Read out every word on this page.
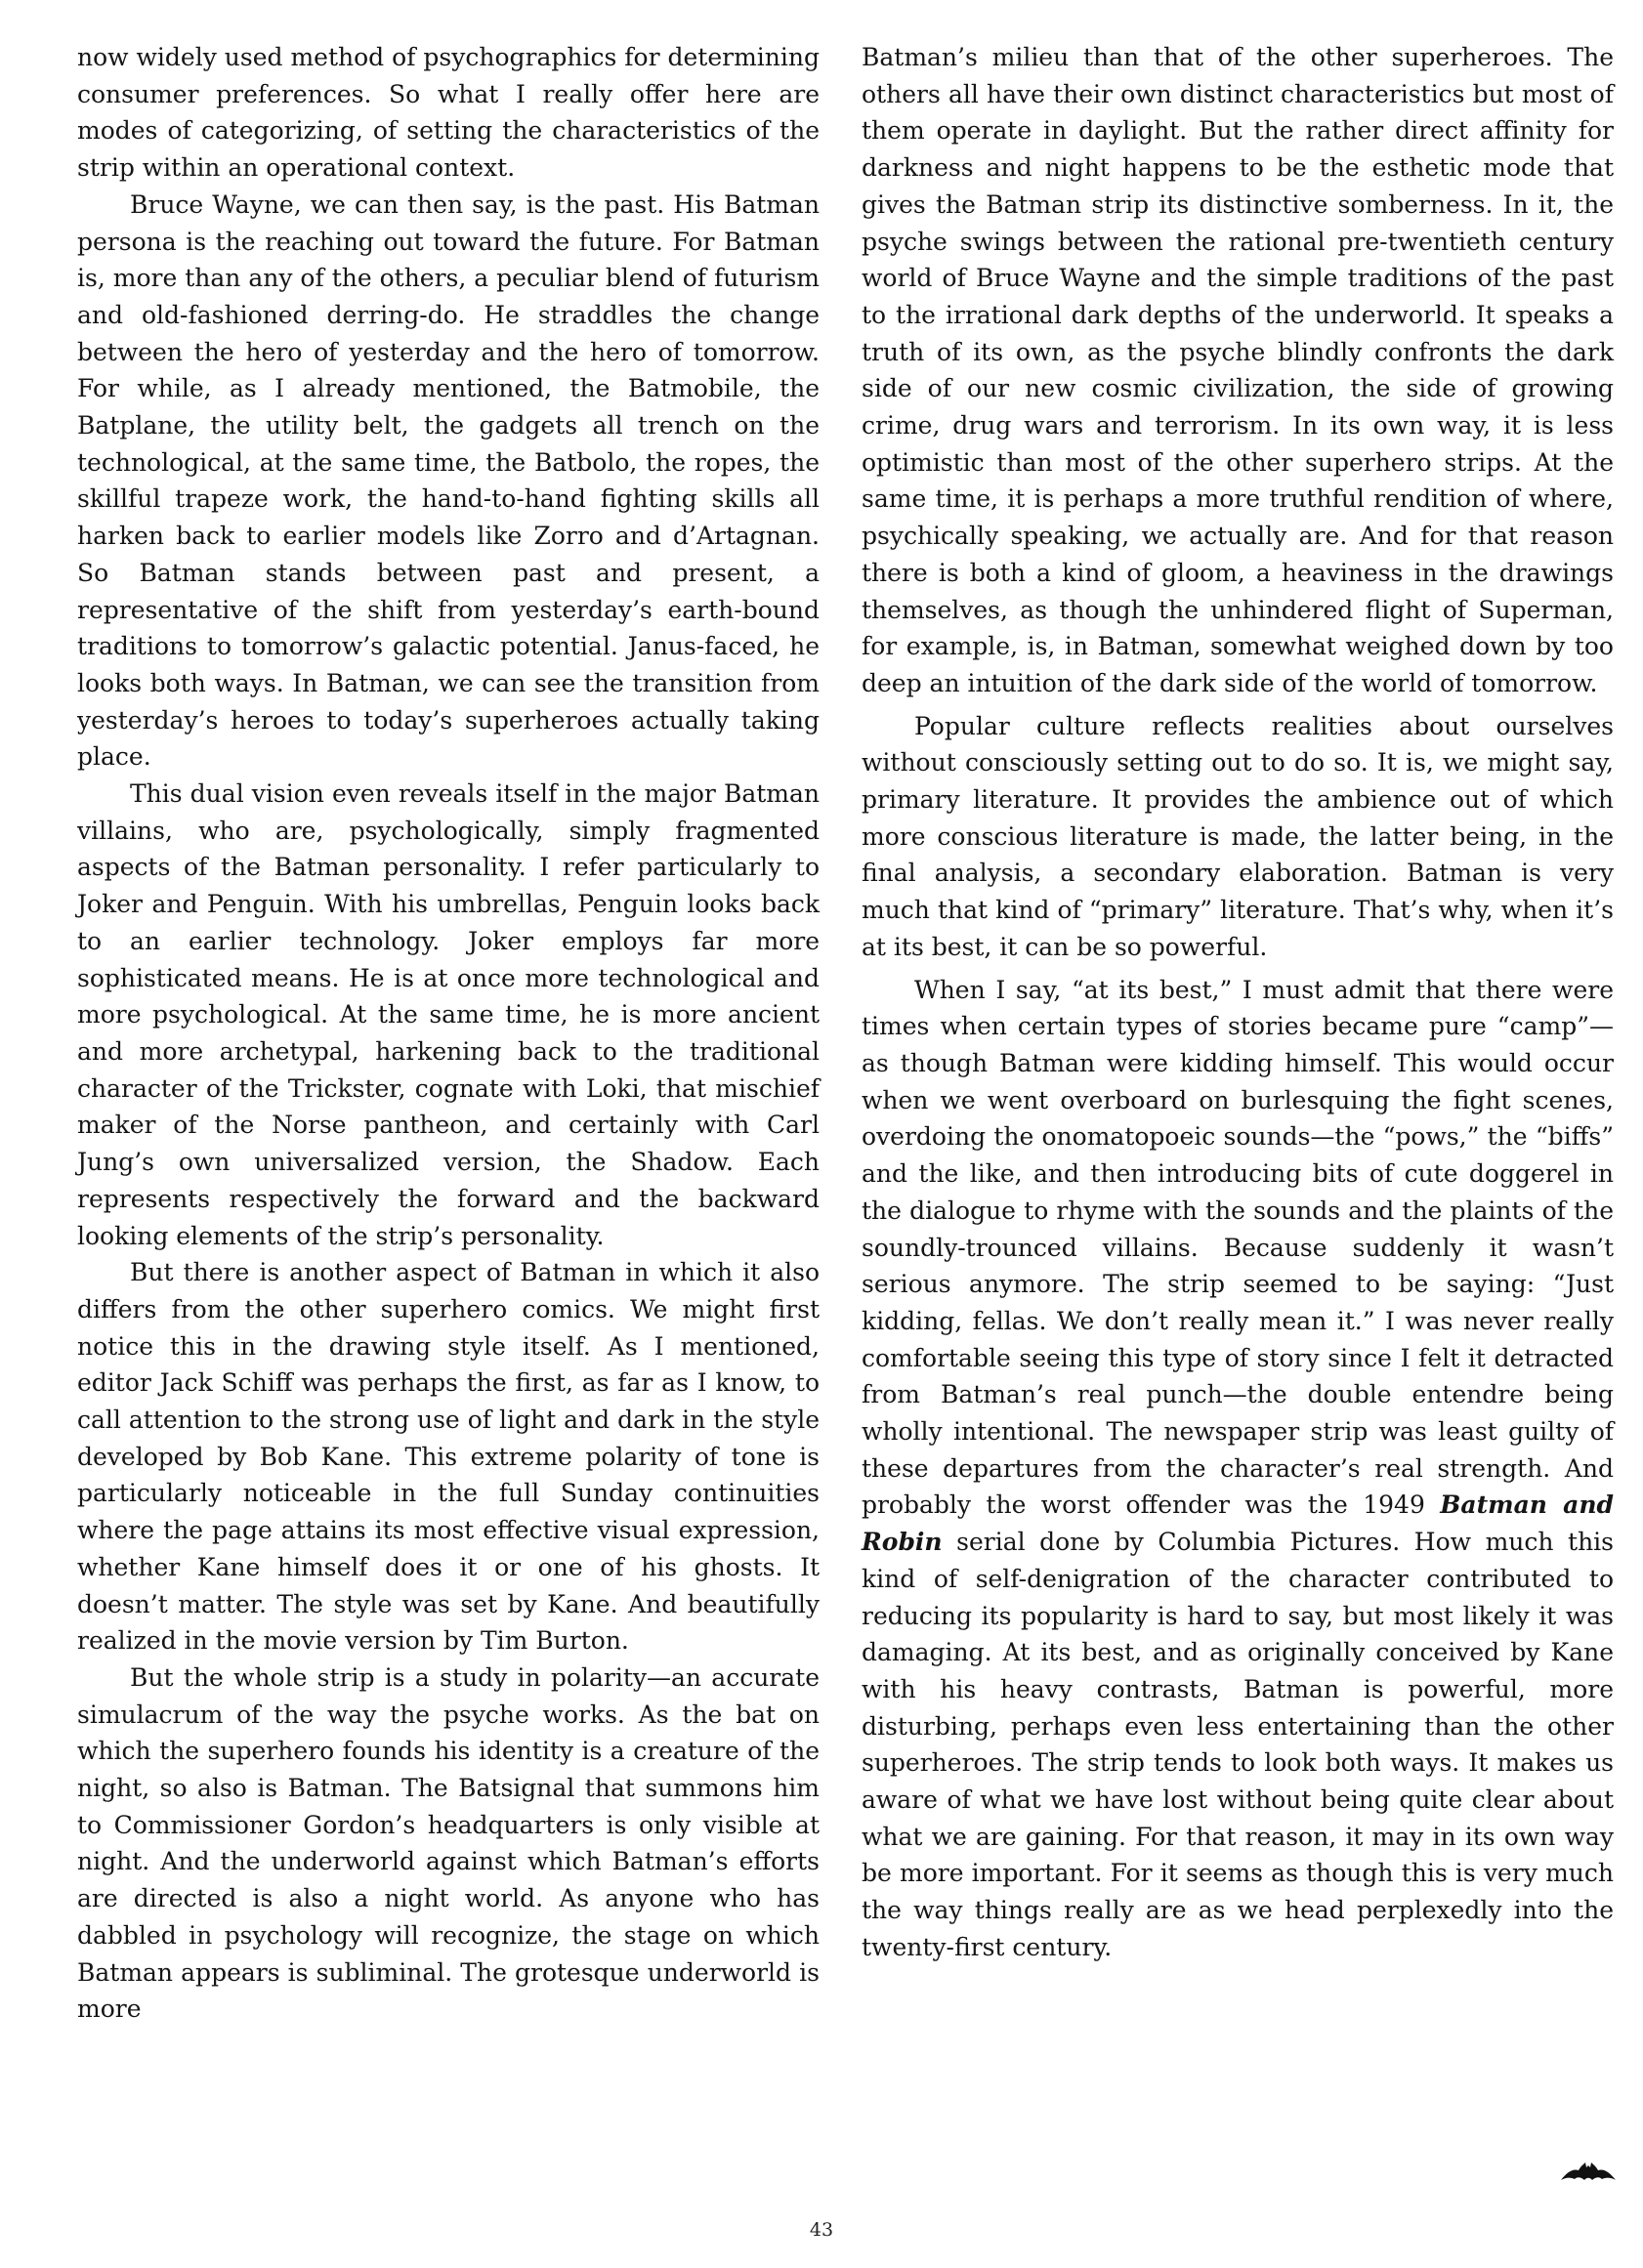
now widely used method of psychographics for determining consumer preferences. So what I really offer here are modes of categorizing, of setting the characteristics of the strip within an operational context.

Bruce Wayne, we can then say, is the past. His Batman persona is the reaching out toward the future. For Batman is, more than any of the others, a peculiar blend of futurism and old-fashioned derring-do. He straddles the change between the hero of yesterday and the hero of tomorrow. For while, as I already mentioned, the Batmobile, the Batplane, the utility belt, the gadgets all trench on the technological, at the same time, the Batbolo, the ropes, the skillful trapeze work, the hand-to-hand fighting skills all harken back to earlier models like Zorro and d’Artagnan. So Batman stands between past and present, a representative of the shift from yesterday’s earth-bound traditions to tomorrow’s galactic potential. Janus-faced, he looks both ways. In Batman, we can see the transition from yesterday’s heroes to today’s superheroes actually taking place.

This dual vision even reveals itself in the major Batman villains, who are, psychologically, simply fragmented aspects of the Batman personality. I refer particularly to Joker and Penguin. With his umbrellas, Penguin looks back to an earlier technology. Joker employs far more sophisticated means. He is at once more technological and more psychological. At the same time, he is more ancient and more archetypal, harkening back to the traditional character of the Trickster, cognate with Loki, that mischief maker of the Norse pantheon, and certainly with Carl Jung’s own universalized version, the Shadow. Each represents respectively the forward and the backward looking elements of the strip’s personality.

But there is another aspect of Batman in which it also differs from the other superhero comics. We might first notice this in the drawing style itself. As I mentioned, editor Jack Schiff was perhaps the first, as far as I know, to call attention to the strong use of light and dark in the style developed by Bob Kane. This extreme polarity of tone is particularly noticeable in the full Sunday continuities where the page attains its most effective visual expression, whether Kane himself does it or one of his ghosts. It doesn’t matter. The style was set by Kane. And beautifully realized in the movie version by Tim Burton.

But the whole strip is a study in polarity—an accurate simulacrum of the way the psyche works. As the bat on which the superhero founds his identity is a creature of the night, so also is Batman. The Batsignal that summons him to Commissioner Gordon’s headquarters is only visible at night. And the underworld against which Batman’s efforts are directed is also a night world. As anyone who has dabbled in psychology will recognize, the stage on which Batman appears is subliminal. The grotesque underworld is more

Batman’s milieu than that of the other superheroes. The others all have their own distinct characteristics but most of them operate in daylight. But the rather direct affinity for darkness and night happens to be the esthetic mode that gives the Batman strip its distinctive somberness. In it, the psyche swings between the rational pre-twentieth century world of Bruce Wayne and the simple traditions of the past to the irrational dark depths of the underworld. It speaks a truth of its own, as the psyche blindly confronts the dark side of our new cosmic civilization, the side of growing crime, drug wars and terrorism. In its own way, it is less optimistic than most of the other superhero strips. At the same time, it is perhaps a more truthful rendition of where, psychically speaking, we actually are. And for that reason there is both a kind of gloom, a heaviness in the drawings themselves, as though the unhindered flight of Superman, for example, is, in Batman, somewhat weighed down by too deep an intuition of the dark side of the world of tomorrow.

Popular culture reflects realities about ourselves without consciously setting out to do so. It is, we might say, primary literature. It provides the ambience out of which more conscious literature is made, the latter being, in the final analysis, a secondary elaboration. Batman is very much that kind of “primary” literature. That’s why, when it’s at its best, it can be so powerful.

When I say, “at its best,” I must admit that there were times when certain types of stories became pure “camp”— as though Batman were kidding himself. This would occur when we went overboard on burlesquing the fight scenes, overdoing the onomatopoeic sounds—the “pows,” the “biffs” and the like, and then introducing bits of cute doggerel in the dialogue to rhyme with the sounds and the plaints of the soundly-trounced villains. Because suddenly it wasn’t serious anymore. The strip seemed to be saying: “Just kidding, fellas. We don’t really mean it.” I was never really comfortable seeing this type of story since I felt it detracted from Batman’s real punch—the double entendre being wholly intentional. The newspaper strip was least guilty of these departures from the character’s real strength. And probably the worst offender was the 1949 Batman and Robin serial done by Columbia Pictures. How much this kind of self-denigration of the character contributed to reducing its popularity is hard to say, but most likely it was damaging. At its best, and as originally conceived by Kane with his heavy contrasts, Batman is powerful, more disturbing, perhaps even less entertaining than the other superheroes. The strip tends to look both ways. It makes us aware of what we have lost without being quite clear about what we are gaining. For that reason, it may in its own way be more important. For it seems as though this is very much the way things really are as we head perplexedly into the twenty-first century.

43
